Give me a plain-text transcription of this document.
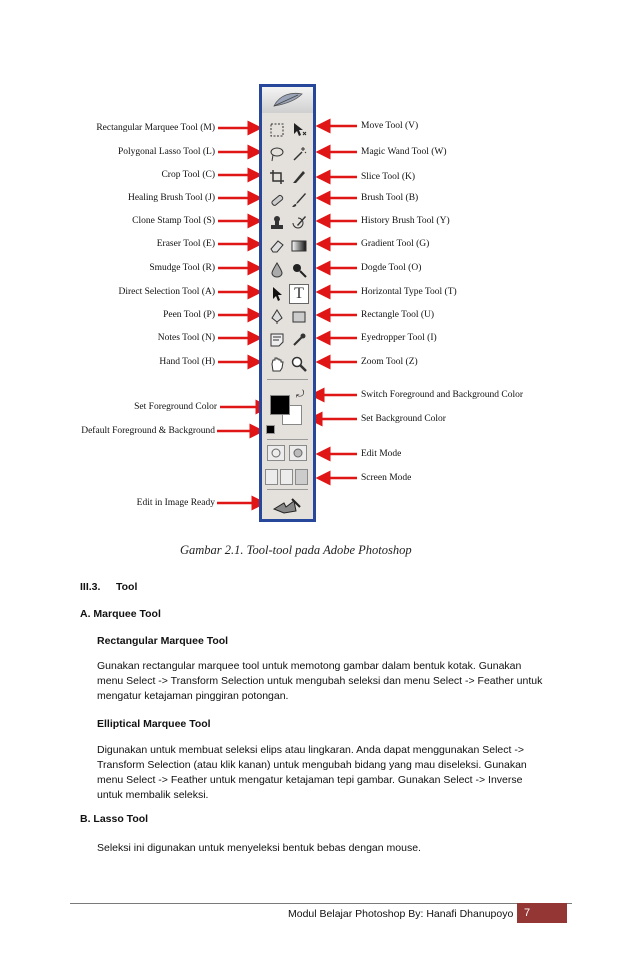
T
⤾
Rectangular Marquee Tool (M)
Polygonal Lasso Tool (L)
Crop Tool (C)
Healing Brush Tool (J)
Clone Stamp Tool (S)
Eraser Tool (E)
Smudge Tool (R)
Direct Selection Tool (A)
Peen Tool (P)
Notes Tool (N)
Hand Tool (H)
Set Foreground Color
Default Foreground & Background
Edit in Image Ready
Move Tool (V)
Magic Wand Tool (W)
Slice Tool (K)
Brush Tool (B)
History Brush Tool (Y)
Gradient Tool (G)
Dogde Tool (O)
Horizontal Type Tool (T)
Rectangle Tool (U)
Eyedropper Tool (I)
Zoom Tool (Z)
Switch Foreground and Background Color
Set Background Color
Edit Mode
Screen Mode
Gambar 2.1. Tool-tool pada Adobe Photoshop
III.3. Tool
A. Marquee Tool
Rectangular Marquee Tool
Gunakan rectangular marquee tool untuk memotong gambar dalam bentuk kotak. Gunakan
menu Select -> Transform Selection untuk mengubah seleksi dan menu Select -> Feather untuk
mengatur ketajaman pinggiran potongan.
Elliptical Marquee Tool
Digunakan untuk membuat seleksi elips atau lingkaran. Anda dapat menggunakan Select ->
Transform Selection (atau klik kanan) untuk mengubah bidang yang mau diseleksi. Gunakan
menu Select -> Feather untuk mengatur ketajaman tepi gambar. Gunakan Select -> Inverse
untuk membalik seleksi.
B. Lasso Tool
Seleksi ini digunakan untuk menyeleksi bentuk bebas dengan mouse.
Modul Belajar Photoshop By: Hanafi Dhanupoyo 7
